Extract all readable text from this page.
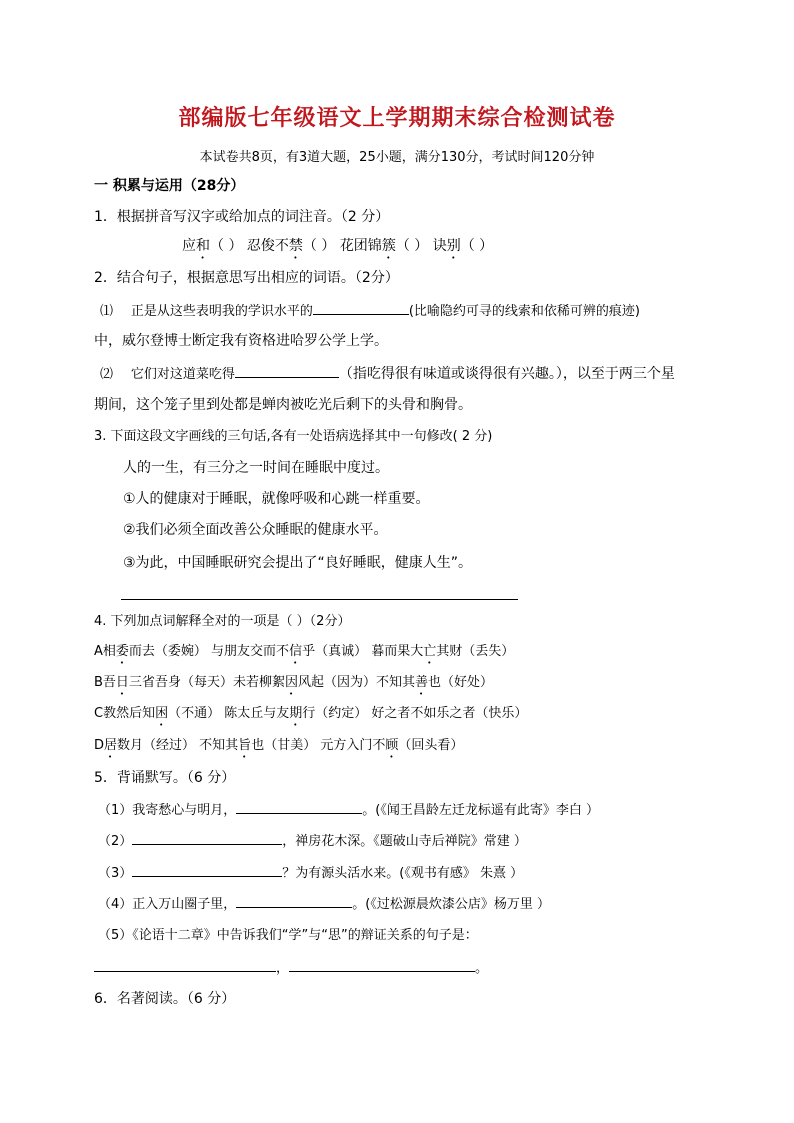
部编版七年级语文上学期期末综合检测试卷
本试卷共8页，有3道大题，25小题，满分130分，考试时间120分钟
一 积累与运用（28分）
1．根据拼音写汉字或给加点的词注音。（2 分）
应和（ ） 忍俊不禁（ ） 花团锦簇（ ） 诀别（ ）
2．结合句子，根据意思写出相应的词语。（2分）
⑴ 正是从这些表明我的学识水平的	(比喻隐约可寻的线索和依稀可辨的痕迹)
中，威尔登博士断定我有资格进哈罗公学上学。
⑵ 它们对这道菜吃得	（指吃得很有味道或谈得很有兴趣。），以至于两三个星
期间，这个笼子里到处都是蝉肉被吃光后剩下的头骨和胸骨。
3. 下面这段文字画线的三句话,各有一处语病选择其中一句修改( 2 分)
人的一生，有三分之一时间在睡眠中度过。
①人的健康对于睡眠，就像呼吸和心跳一样重要。
②我们必须全面改善公众睡眠的健康水平。
③为此，中国睡眠研究会提出了“良好睡眠，健康人生”。
4. 下列加点词解释全对的一项是（ ）（2分）
A相委而去（委婉） 与朋友交而不信乎（真诚） 暮而果大亡其财（丢失）
B吾日三省吾身（每天）未若柳絮因风起（因为）不知其善也（好处）
C教然后知困（不通） 陈太丘与友期行（约定） 好之者不如乐之者（快乐）
D居数月（经过） 不知其旨也（甘美） 元方入门不顾（回头看）
5．背诵默写。（6 分）
（1）我寄愁心与明月，	。(《闻王昌龄左迁龙标遥有此寄》李白 ）
（2）	，禅房花木深。《题破山寺后禅院》常建 ）
（3）	？为有源头活水来。(《观书有感》 朱熹 ）
（4）正入万山圈子里，	。(《过松源晨炊漆公店》杨万里 ）
（5）《论语十二章》中告诉我们“学”与“思”的辩证关系的句子是：
，	。
6．名著阅读。（6 分）
